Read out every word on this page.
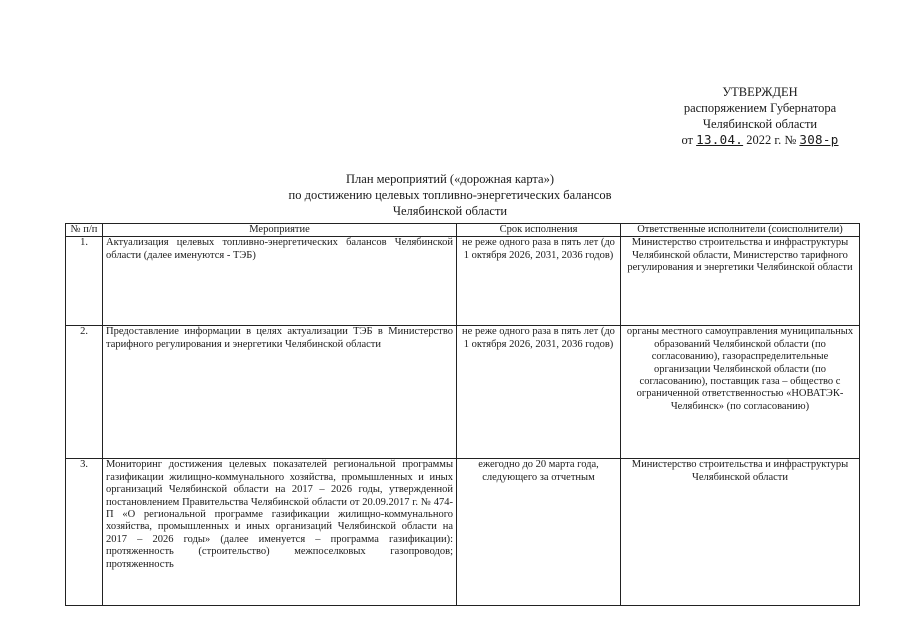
УТВЕРЖДЕН
распоряжением Губернатора
Челябинской области
от 13.04. 2022 г. № 308-р
План мероприятий («дорожная карта»)
по достижению целевых топливно-энергетических балансов
Челябинской области
№ п/п	Мероприятие	Срок исполнения	Ответственные исполнители (соисполнители)
1.	Актуализация целевых топливно-энергетических балансов Челябинской области (далее именуются - ТЭБ)	не реже одного раза в пять лет (до 1 октября 2026, 2031, 2036 годов)	Министерство строительства и инфраструктуры Челябинской области, Министерство тарифного регулирования и энергетики Челябинской области
2.	Предоставление информации в целях актуализации ТЭБ в Министерство тарифного регулирования и энергетики Челябинской области	не реже одного раза в пять лет (до 1 октября 2026, 2031, 2036 годов)	органы местного самоуправления муниципальных образований Челябинской области (по согласованию), газораспределительные организации Челябинской области (по согласованию), поставщик газа – общество с ограниченной ответственностью «НОВАТЭК-Челябинск» (по согласованию)
3.	Мониторинг достижения целевых показателей региональной программы газификации жилищно-коммунального хозяйства, промышленных и иных организаций Челябинской области на 2017 – 2026 годы, утвержденной постановлением Правительства Челябинской области от 20.09.2017 г. № 474-П «О региональной программе газификации жилищно-коммунального хозяйства, промышленных и иных организаций Челябинской области на 2017 – 2026 годы» (далее именуется – программа газификации): протяженность (строительство) межпоселковых газопроводов; протяженность	ежегодно до 20 марта года, следующего за отчетным	Министерство строительства и инфраструктуры Челябинской области
